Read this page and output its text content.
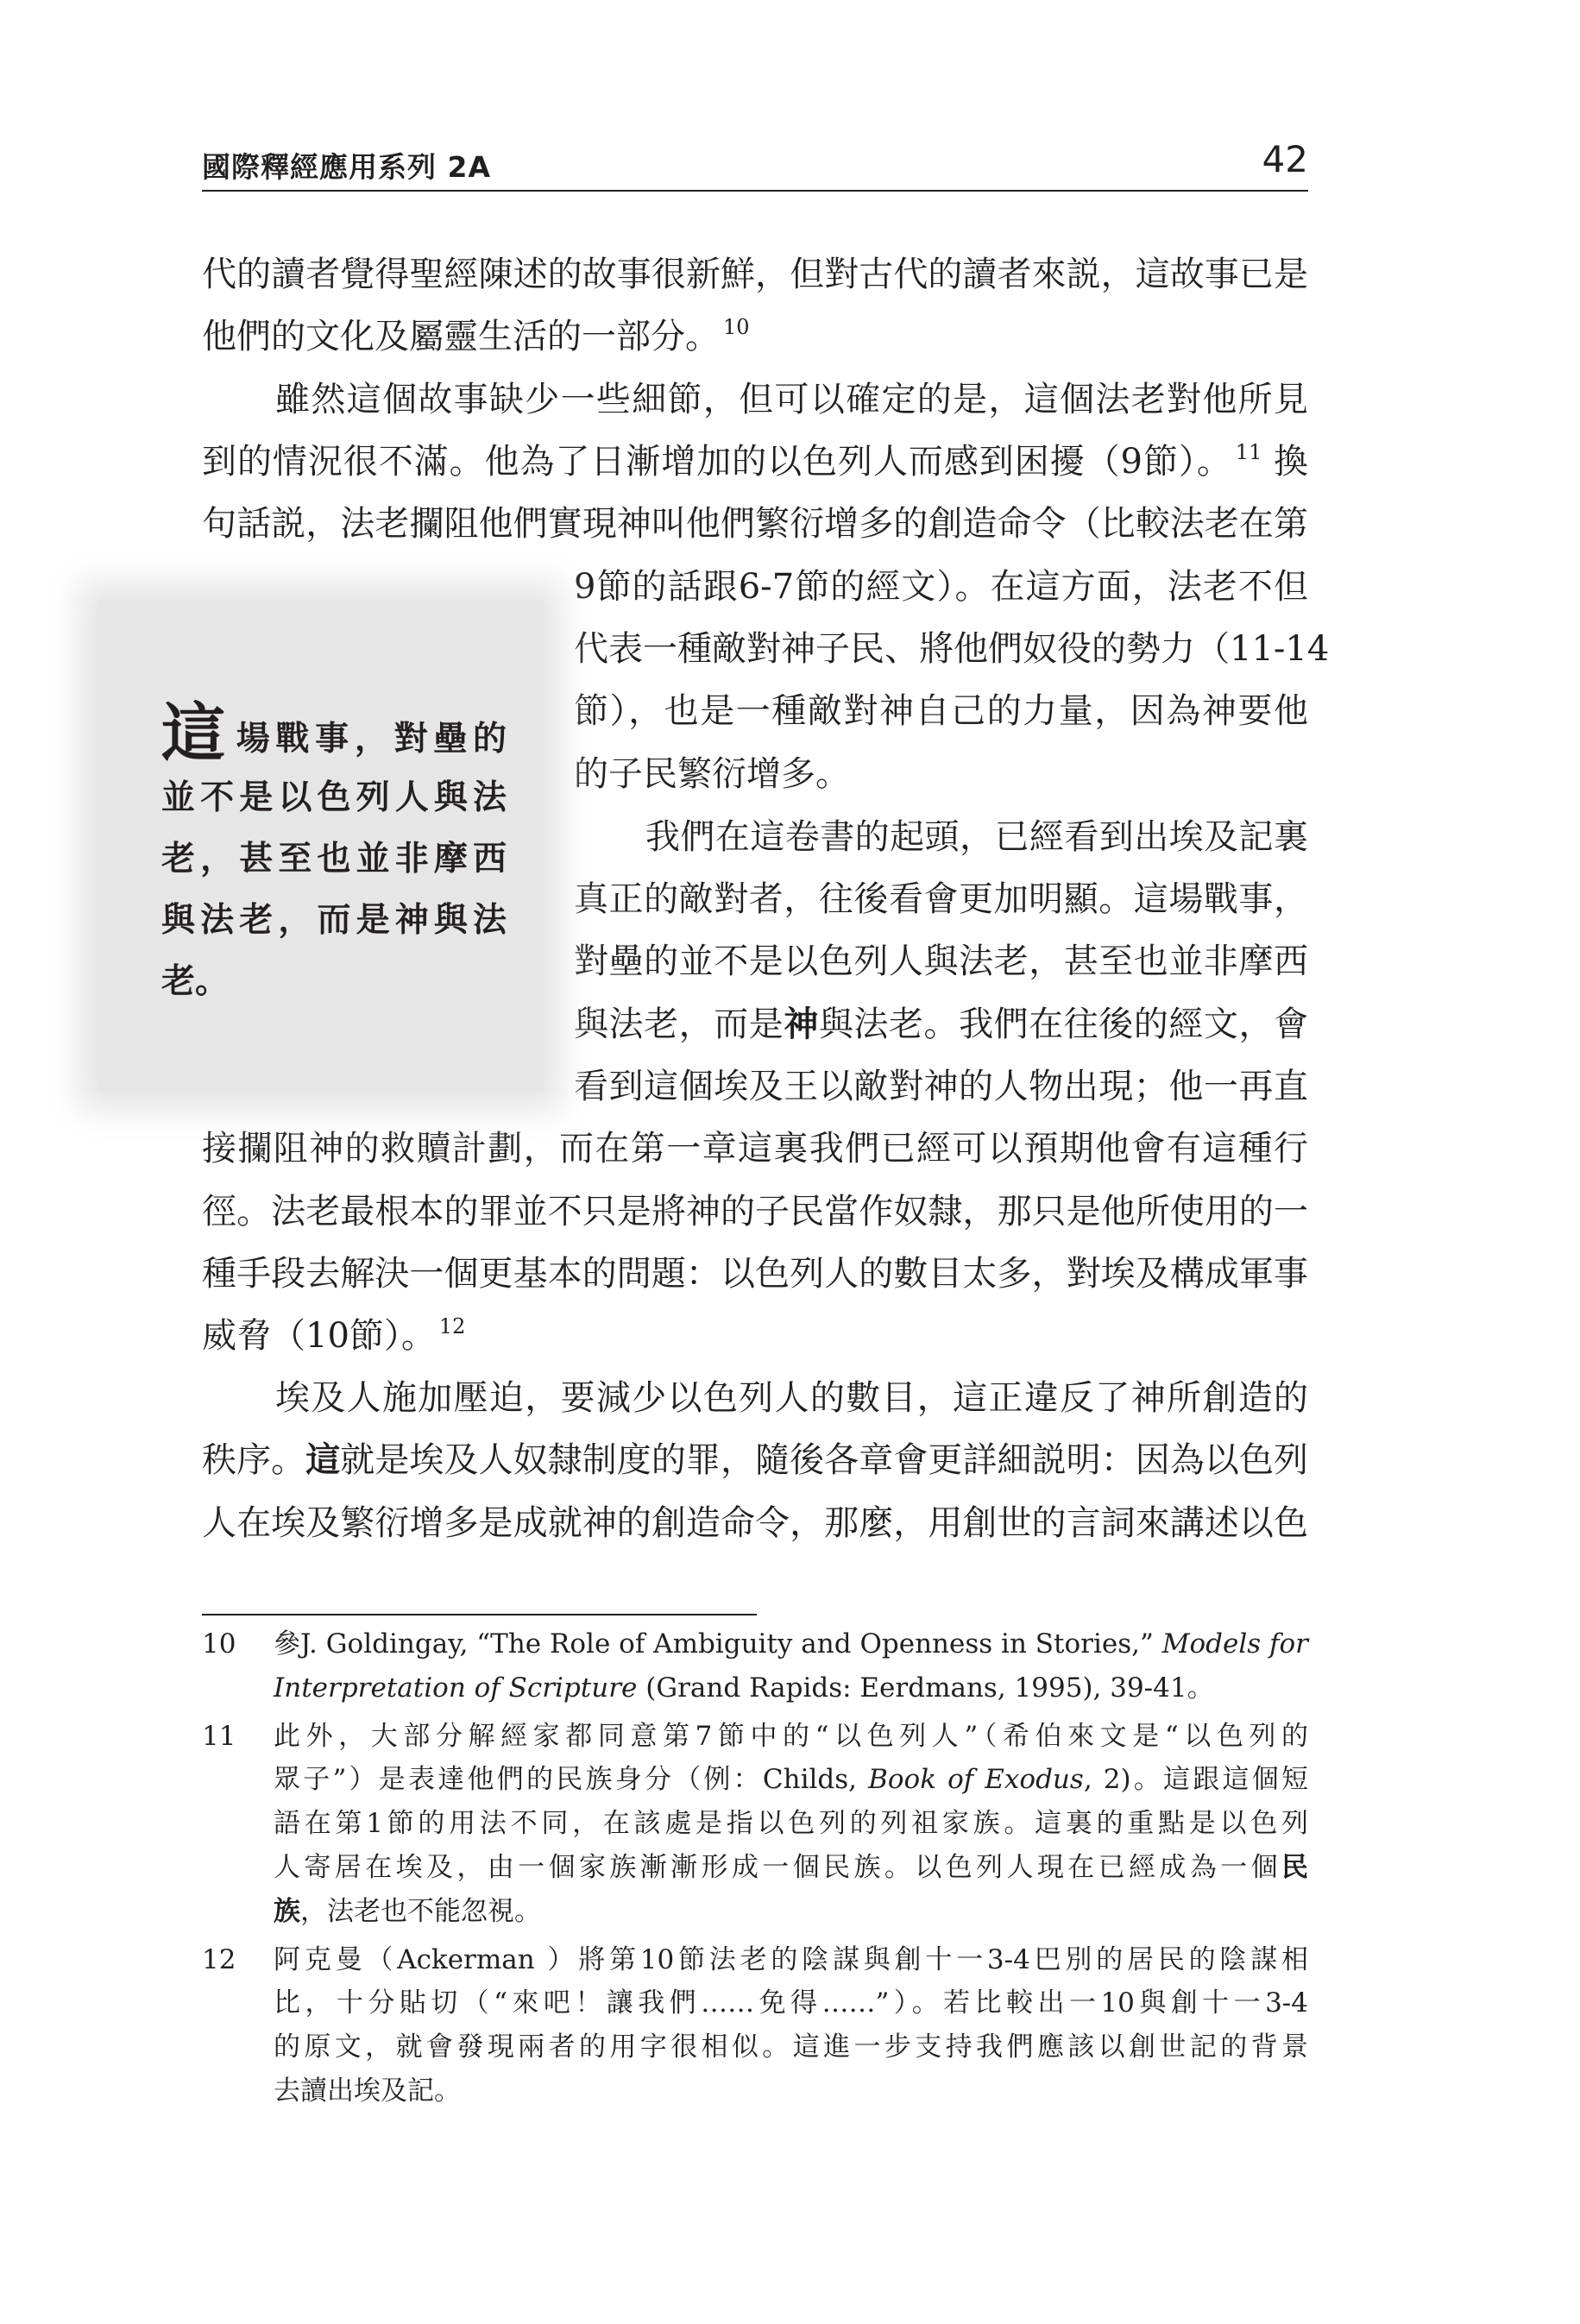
國際釋經應用系列 2A	42
代的讀者覺得聖經陳述的故事很新鮮，但對古代的讀者來説，這故事已是
他們的文化及屬靈生活的一部分。 $^{10}$
雖然這個故事缺少一些細節，但可以確定的是，這個法老對他所見
到的情況很不滿。他為了日漸增加的以色列人而感到困擾（9節）。 $^{11}$ 換
句話説，法老攔阻他們實現神叫他們繁衍增多的創造命令（比較法老在第
9節的話跟6-7節的經文）。在這方面，法老不但
代表一種敵對神子民、將他們奴役的勢力（11-14
節），也是一種敵對神自己的力量，因為神要他
的子民繁衍增多。
我們在這卷書的起頭，已經看到出埃及記裏
真正的敵對者，往後看會更加明顯。這場戰事，
對壘的並不是以色列人與法老，甚至也並非摩西
與法老，而是神與法老。我們在往後的經文，會
看到這個埃及王以敵對神的人物出現；他一再直
接攔阻神的救贖計劃，而在第一章這裏我們已經可以預期他會有這種行
徑。法老最根本的罪並不只是將神的子民當作奴隸，那只是他所使用的一
種手段去解決一個更基本的問題：以色列人的數目太多，對埃及構成軍事
威脅（10節）。 $^{12}$
埃及人施加壓迫，要減少以色列人的數目，這正違反了神所創造的
秩序。這就是埃及人奴隸制度的罪，隨後各章會更詳細説明：因為以色列
人在埃及繁衍增多是成就神的創造命令，那麼，用創世的言詞來講述以色
這場戰事，對壘的
並不是以色列人與法
老，甚至也並非摩西
與法老，而是神與法
老。
10 參J. Goldingay, “The Role of Ambiguity and Openness in Stories,” Models for
Interpretation of Scripture (Grand Rapids: Eerdmans, 1995), 39-41。
11 此外，大部分解經家都同意第7節中的“以色列人”（希伯來文是“以色列的
眾子”）是表達他們的民族身分（例：Childs, Book of Exodus, 2)。這跟這個短
語在第1節的用法不同，在該處是指以色列的列祖家族。這裏的重點是以色列
人寄居在埃及，由一個家族漸漸形成一個民族。以色列人現在已經成為一個民
族，法老也不能忽視。
12 阿克曼（Ackerman ）將第10節法老的陰謀與創十一3-4巴別的居民的陰謀相
比，十分貼切（“來吧！讓我們……免得……”）。若比較出一10與創十一3-4
的原文，就會發現兩者的用字很相似。這進一步支持我們應該以創世記的背景
去讀出埃及記。
